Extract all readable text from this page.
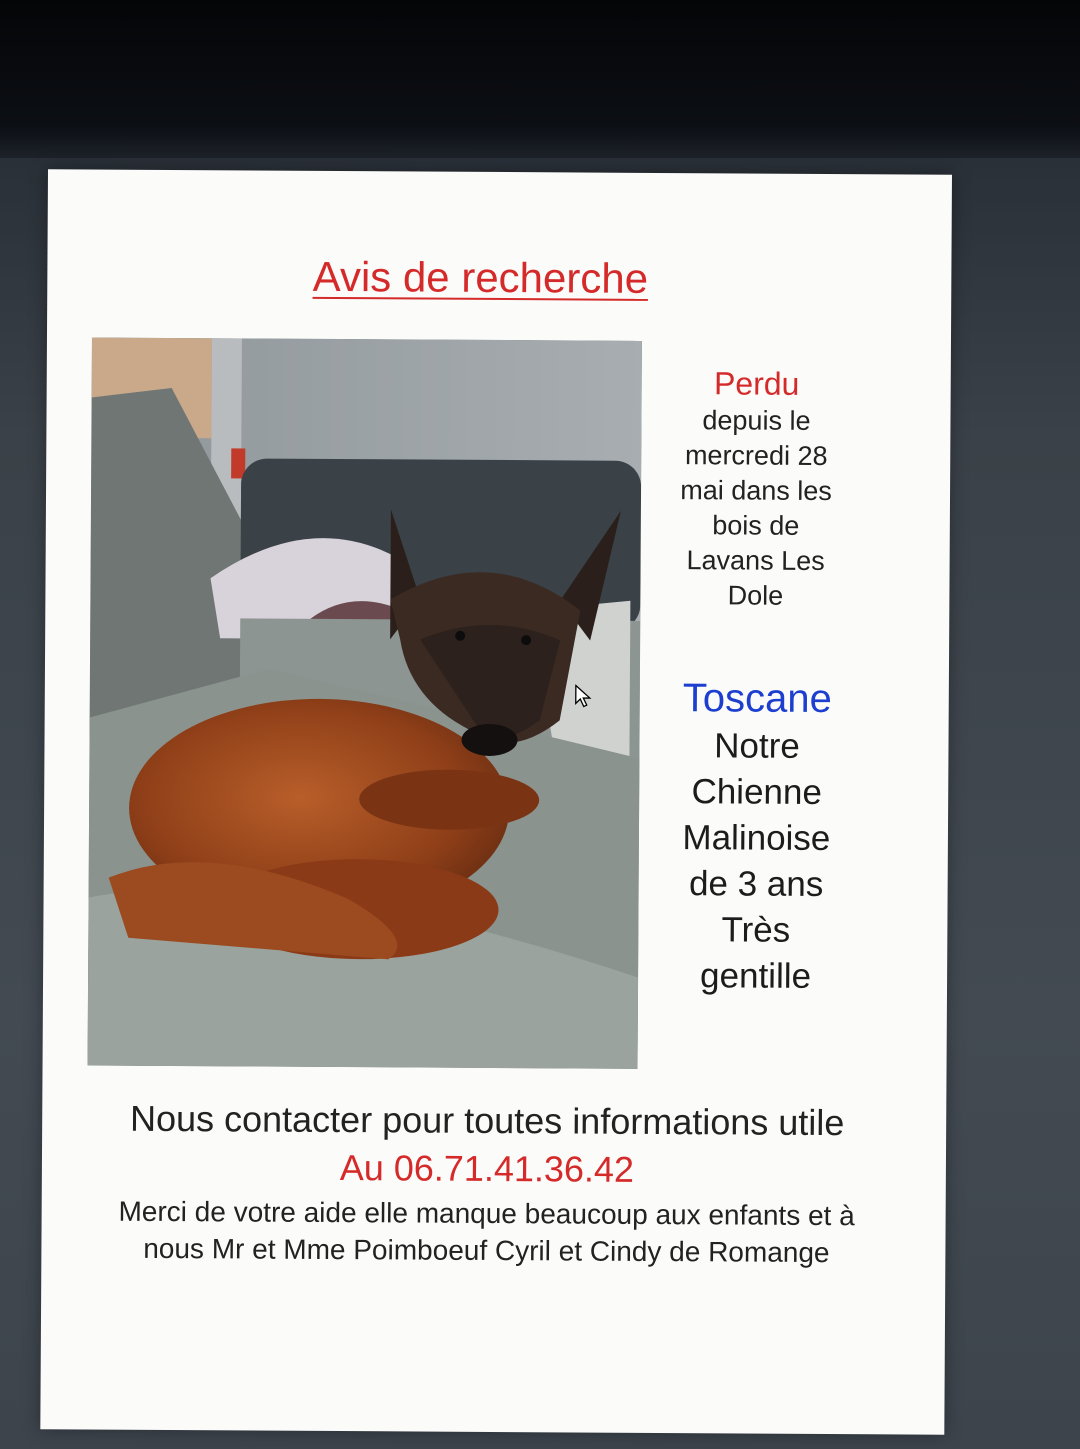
Avis de recherche
Perdu
depuis le
mercredi 28
mai dans les
bois de
Lavans Les
Dole
Toscane
Notre
Chienne
Malinoise
de 3 ans
Très
gentille
Nous contacter pour toutes informations utile
Au 06.71.41.36.42
Merci de votre aide elle manque beaucoup aux enfants et à nous Mr et Mme Poimboeuf Cyril et Cindy de Romange
